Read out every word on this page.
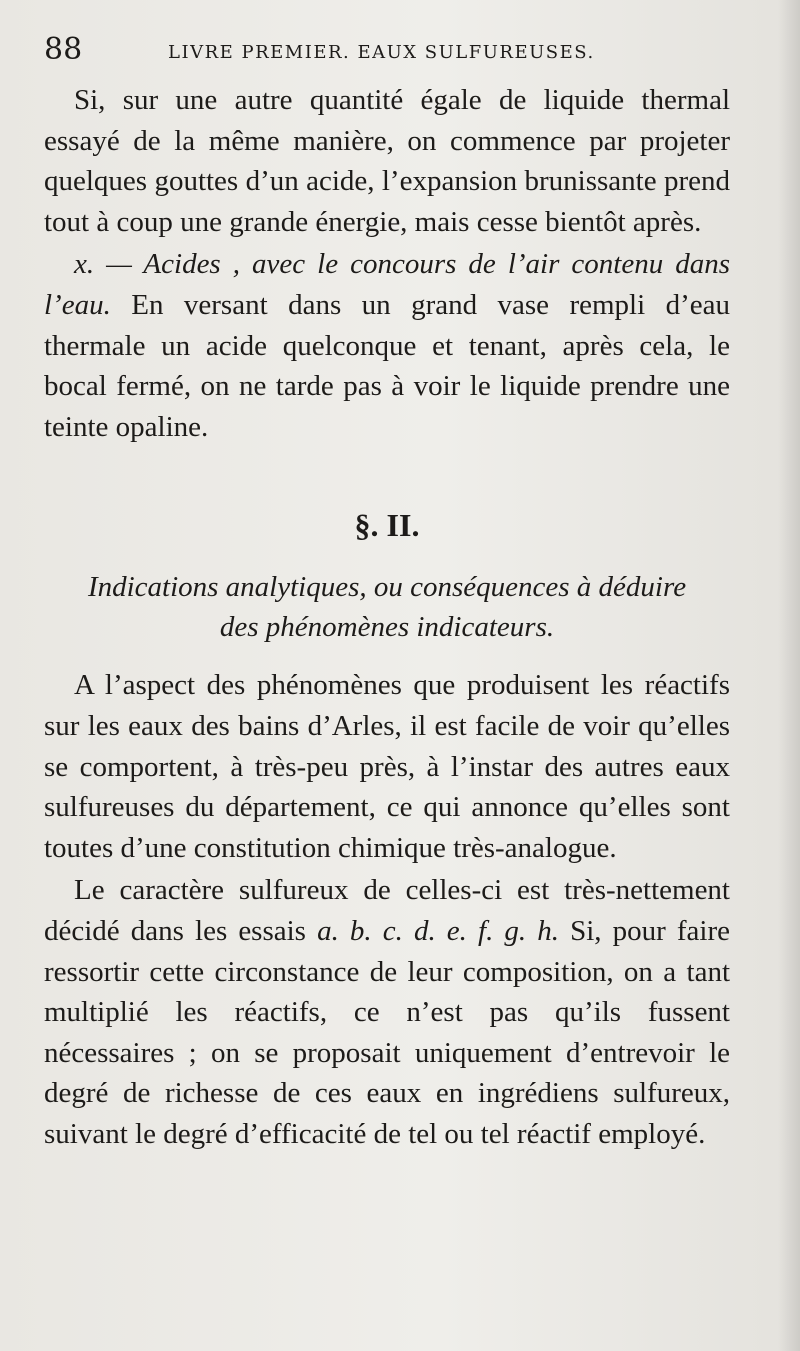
88	LIVRE PREMIER. EAUX SULFUREUSES.

Si, sur une autre quantité égale de liquide thermal essayé de la même manière, on commence par projeter quelques gouttes d’un acide, l’expansion brunissante prend tout à coup une grande énergie, mais cesse bientôt après.

x. — Acides , avec le concours de l’air contenu dans l’eau. En versant dans un grand vase rempli d’eau thermale un acide quelconque et tenant, après cela, le bocal fermé, on ne tarde pas à voir le liquide prendre une teinte opaline.

§. II.
Indications analytiques, ou conséquences à déduire
des phénomènes indicateurs.

A l’aspect des phénomènes que produisent les réactifs sur les eaux des bains d’Arles, il est facile de voir qu’elles se comportent, à très-peu près, à l’instar des autres eaux sulfureuses du département, ce qui annonce qu’elles sont toutes d’une constitution chimique très-analogue.

Le caractère sulfureux de celles-ci est très-nettement décidé dans les essais a. b. c. d. e. f. g. h. Si, pour faire ressortir cette circonstance de leur composition, on a tant multiplié les réactifs, ce n’est pas qu’ils fussent nécessaires ; on se proposait uniquement d’entrevoir le degré de richesse de ces eaux en ingrédiens sulfureux, suivant le degré d’efficacité de tel ou tel réactif employé.
